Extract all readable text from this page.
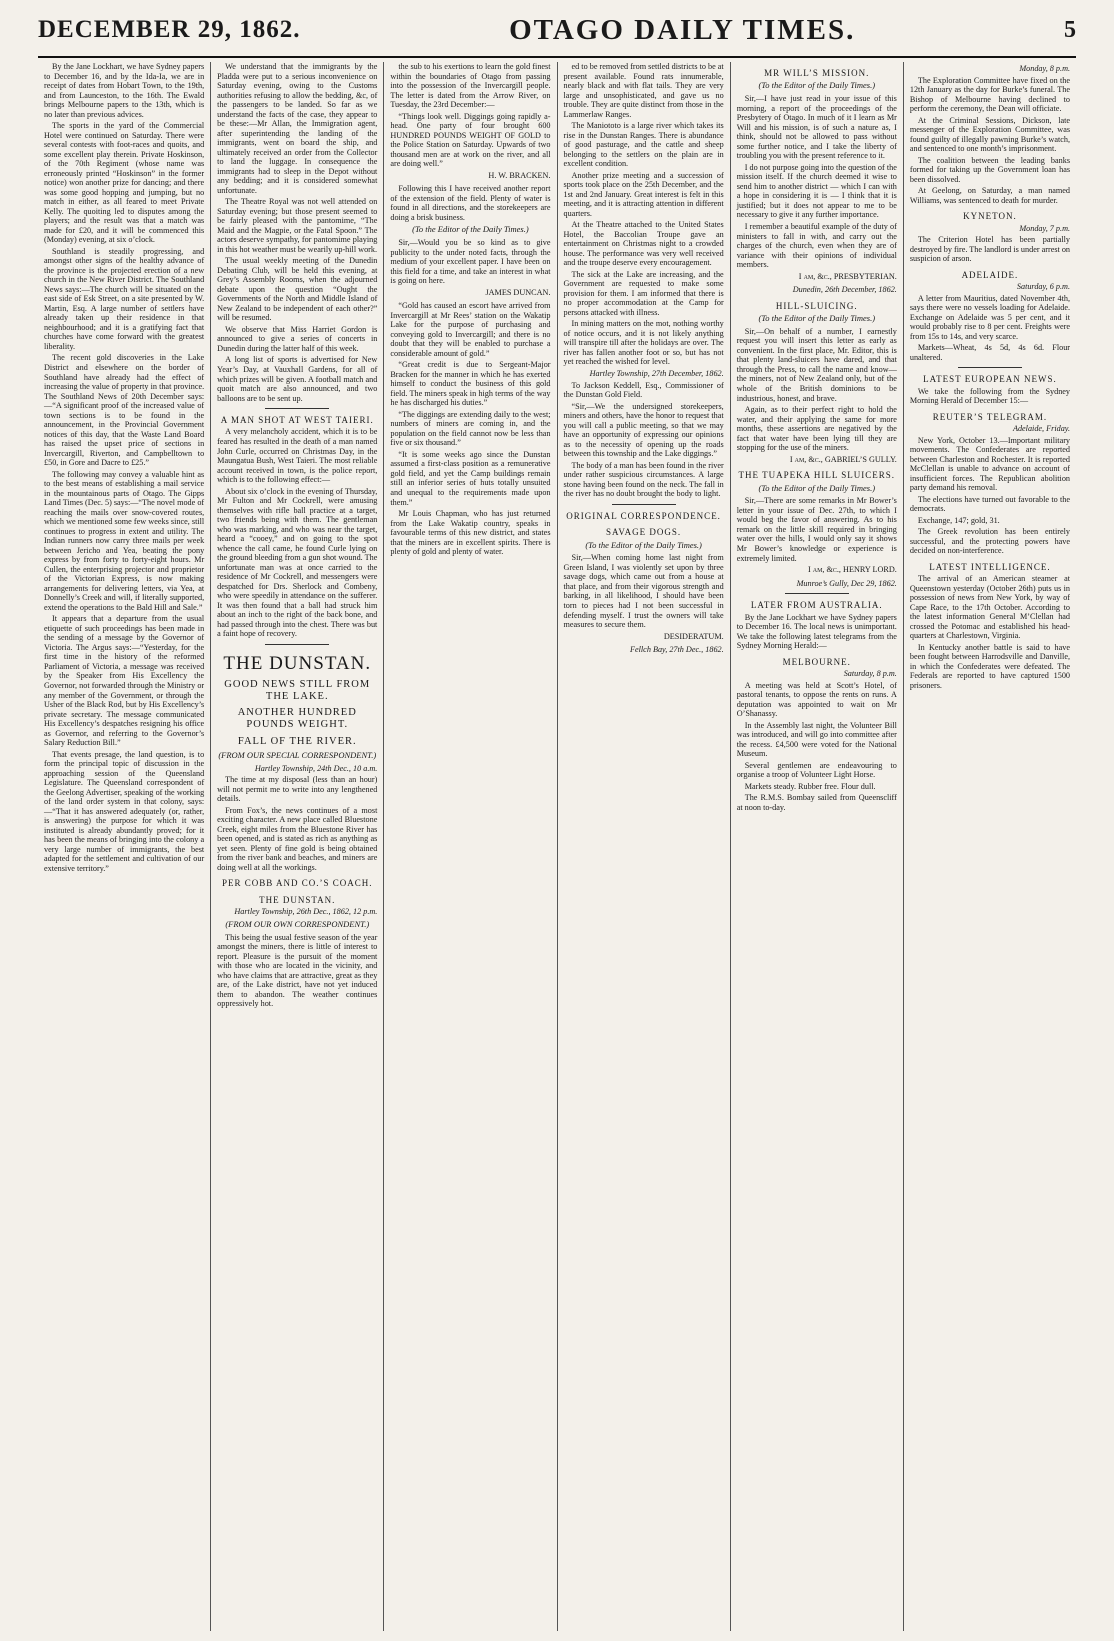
DECEMBER 29, 1862.	OTAGO DAILY TIMES.	5

By the Jane Lockhart, we have Sydney papers to December 16, and by the Ida-Ia, we are in receipt of dates from Hobart Town, to the 19th, and from Launceston, to the 16th. The Ewald brings Melbourne papers to the 13th, which is no later than previous advices.

The sports in the yard of the Commercial Hotel were continued on Saturday. There were several contests with foot-races and quoits, and some excellent play therein. Private Hoskinson, of the 70th Regiment (whose name was erroneously printed “Hoskinson” in the former notice) won another prize for dancing; and there was some good hopping and jumping, but no match in either, as all feared to meet Private Kelly. The quoiting led to disputes among the players; and the result was that a match was made for £20, and it will be commenced this (Monday) evening, at six o’clock.

Southland is steadily progressing, and amongst other signs of the healthy advance of the province is the projected erection of a new church in the New River District. The Southland News says:—The church will be situated on the east side of Esk Street, on a site presented by W. Martin, Esq. A large number of settlers have already taken up their residence in that neighbourhood; and it is a gratifying fact that churches have come forward with the greatest liberality.

The recent gold discoveries in the Lake District and elsewhere on the border of Southland have already had the effect of increasing the value of property in that province. The Southland News of 20th December says:—“A significant proof of the increased value of town sections is to be found in the announcement, in the Provincial Government notices of this day, that the Waste Land Board has raised the upset price of sections in Invercargill, Riverton, and Campbelltown to £50, in Gore and Dacre to £25.”

The following may convey a valuable hint as to the best means of establishing a mail service in the mountainous parts of Otago. The Gipps Land Times (Dec. 5) says:—“The novel mode of reaching the mails over snow-covered routes, which we mentioned some few weeks since, still continues to progress in extent and utility. The Indian runners now carry three mails per week between Jericho and Yea, beating the pony express by from forty to forty-eight hours. Mr Cullen, the enterprising projector and proprietor of the Victorian Express, is now making arrangements for delivering letters, via Yea, at Donnelly’s Creek and will, if literally supported, extend the operations to the Bald Hill and Sale.”

It appears that a departure from the usual etiquette of such proceedings has been made in the sending of a message by the Governor of Victoria. The Argus says:—“Yesterday, for the first time in the history of the reformed Parliament of Victoria, a message was received by the Speaker from His Excellency the Governor, not forwarded through the Ministry or any member of the Government, or through the Usher of the Black Rod, but by His Excellency’s private secretary. The message communicated His Excellency’s despatches resigning his office as Governor, and referring to the Governor’s Salary Reduction Bill.”

That events presage, the land question, is to form the principal topic of discussion in the approaching session of the Queensland Legislature. The Queensland correspondent of the Geelong Advertiser, speaking of the working of the land order system in that colony, says:—“That it has answered adequately (or, rather, is answering) the purpose for which it was instituted is already abundantly proved; for it has been the means of bringing into the colony a very large number of immigrants, the best adapted for the settlement and cultivation of our extensive territory.”

We understand that the immigrants by the Pladda were put to a serious inconvenience on Saturday evening, owing to the Customs authorities refusing to allow the bedding, &c, of the passengers to be landed. So far as we understand the facts of the case, they appear to be these:—Mr Allan, the Immigration agent, after superintending the landing of the immigrants, went on board the ship, and ultimately received an order from the Collector to land the luggage. In consequence the immigrants had to sleep in the Depot without any bedding; and it is considered somewhat unfortunate.

The Theatre Royal was not well attended on Saturday evening; but those present seemed to be fairly pleased with the pantomime, “The Maid and the Magpie, or the Fatal Spoon.” The actors deserve sympathy, for pantomime playing in this hot weather must be wearily up-hill work.

The usual weekly meeting of the Dunedin Debating Club, will be held this evening, at Grey’s Assembly Rooms, when the adjourned debate upon the question “Ought the Governments of the North and Middle Island of New Zealand to be independent of each other?” will be resumed.

We observe that Miss Harriet Gordon is announced to give a series of concerts in Dunedin during the latter half of this week.

A long list of sports is advertised for New Year’s Day, at Vauxhall Gardens, for all of which prizes will be given. A football match and quoit match are also announced, and two balloons are to be sent up.

A MAN SHOT AT WEST TAIERI.

A very melancholy accident, which it is to be feared has resulted in the death of a man named John Curle, occurred on Christmas Day, in the Maungatua Bush, West Taieri. The most reliable account received in town, is the police report, which is to the following effect:—

About six o’clock in the evening of Thursday, Mr Fulton and Mr Cockrell, were amusing themselves with rifle ball practice at a target, two friends being with them. The gentleman who was marking, and who was near the target, heard a “cooey,” and on going to the spot whence the call came, he found Curle lying on the ground bleeding from a gun shot wound. The unfortunate man was at once carried to the residence of Mr Cockrell, and messengers were despatched for Drs. Sherlock and Combeny, who were speedily in attendance on the sufferer. It was then found that a ball had struck him about an inch to the right of the back bone, and had passed through into the chest. There was but a faint hope of recovery.

THE DUNSTAN.
GOOD NEWS STILL FROM THE LAKE.
ANOTHER HUNDRED POUNDS WEIGHT.
FALL OF THE RIVER.
(FROM OUR SPECIAL CORRESPONDENT.)
Hartley Township, 24th Dec., 10 a.m.

The time at my disposal (less than an hour) will not permit me to write into any lengthened details.

From Fox’s, the news continues of a most exciting character. A new place called Bluestone Creek, eight miles from the Bluestone River has been opened, and is stated as rich as anything as yet seen. Plenty of fine gold is being obtained from the river bank and beaches, and miners are doing well at all the workings.

PER COBB AND CO.’S COACH.
THE DUNSTAN.
Hartley Township, 26th Dec., 1862, 12 p.m.
(FROM OUR OWN CORRESPONDENT.)

This being the usual festive season of the year amongst the miners, there is little of interest to report. Pleasure is the pursuit of the moment with those who are located in the vicinity, and who have claims that are attractive, great as they are, of the Lake district, have not yet induced them to abandon. The weather continues oppressively hot.

the sub to his exertions to learn the gold finest within the boundaries of Otago from passing into the possession of the Invercargill people. The letter is dated from the Arrow River, on Tuesday, the 23rd December:—

“Things look well. Diggings going rapidly a-head. One party of four brought 600 HUNDRED POUNDS WEIGHT OF GOLD to the Police Station on Saturday. Upwards of two thousand men are at work on the river, and all are doing well.”

H. W. BRACKEN.

Following this I have received another report of the extension of the field. Plenty of water is found in all directions, and the storekeepers are doing a brisk business.

(To the Editor of the Daily Times.)

Sir,—Would you be so kind as to give publicity to the under noted facts, through the medium of your excellent paper. I have been on this field for a time, and take an interest in what is going on here.

JAMES DUNCAN.

“Gold has caused an escort have arrived from Invercargill at Mr Rees’ station on the Wakatip Lake for the purpose of purchasing and conveying gold to Invercargill; and there is no doubt that they will be enabled to purchase a considerable amount of gold.”

“Great credit is due to Sergeant-Major Bracken for the manner in which he has exerted himself to conduct the business of this gold field. The miners speak in high terms of the way he has discharged his duties.”

“The diggings are extending daily to the west; numbers of miners are coming in, and the population on the field cannot now be less than five or six thousand.”

“It is some weeks ago since the Dunstan assumed a first-class position as a remunerative gold field, and yet the Camp buildings remain still an inferior series of huts totally unsuited and unequal to the requirements made upon them.”

Mr Louis Chapman, who has just returned from the Lake Wakatip country, speaks in favourable terms of this new district, and states that the miners are in excellent spirits. There is plenty of gold and plenty of water.

ed to be removed from settled districts to be at present available. Found rats innumerable, nearly black and with flat tails. They are very large and unsophisticated, and gave us no trouble. They are quite distinct from those in the Lammerlaw Ranges.

The Maniototo is a large river which takes its rise in the Dunstan Ranges. There is abundance of good pasturage, and the cattle and sheep belonging to the settlers on the plain are in excellent condition.

Another prize meeting and a succession of sports took place on the 25th December, and the 1st and 2nd January. Great interest is felt in this meeting, and it is attracting attention in different quarters.

At the Theatre attached to the United States Hotel, the Baccolian Troupe gave an entertainment on Christmas night to a crowded house. The performance was very well received and the troupe deserve every encouragement.

The sick at the Lake are increasing, and the Government are requested to make some provision for them. I am informed that there is no proper accommodation at the Camp for persons attacked with illness.

In mining matters on the mot, nothing worthy of notice occurs, and it is not likely anything will transpire till after the holidays are over. The river has fallen another foot or so, but has not yet reached the wished for level.

Hartley Township, 27th December, 1862.

To Jackson Keddell, Esq., Commissioner of the Dunstan Gold Field.

“Sir,—We the undersigned storekeepers, miners and others, have the honor to request that you will call a public meeting, so that we may have an opportunity of expressing our opinions as to the necessity of opening up the roads between this township and the Lake diggings.”

The body of a man has been found in the river under rather suspicious circumstances. A large stone having been found on the neck. The fall in the river has no doubt brought the body to light.

ORIGINAL CORRESPONDENCE.
SAVAGE DOGS.
(To the Editor of the Daily Times.)

Sir,—When coming home last night from Green Island, I was violently set upon by three savage dogs, which came out from a house at that place, and from their vigorous strength and barking, in all likelihood, I should have been torn to pieces had I not been successful in defending myself. I trust the owners will take measures to secure them.

DESIDERATUM.
Fellch Bay, 27th Dec., 1862.
MR WILL’S MISSION.
(To the Editor of the Daily Times.)

Sir,—I have just read in your issue of this morning, a report of the proceedings of the Presbytery of Otago. In much of it I learn as Mr Will and his mission, is of such a nature as, I think, should not be allowed to pass without some further notice, and I take the liberty of troubling you with the present reference to it.

I do not purpose going into the question of the mission itself. If the church deemed it wise to send him to another district — which I can with a hope in considering it is — I think that it is justified; but it does not appear to me to be necessary to give it any further importance.

I remember a beautiful example of the duty of ministers to fall in with, and carry out the charges of the church, even when they are of variance with their opinions of individual members.

I am, &c., PRESBYTERIAN.
Dunedin, 26th December, 1862.
HILL-SLUICING.
(To the Editor of the Daily Times.)

Sir,—On behalf of a number, I earnestly request you will insert this letter as early as convenient. In the first place, Mr. Editor, this is that plenty land-sluicers have dared, and that through the Press, to call the name and know—the miners, not of New Zealand only, but of the whole of the British dominions to be industrious, honest, and brave.

Again, as to their perfect right to hold the water, and their applying the same for more months, these assertions are negatived by the fact that water have been lying till they are stopping for the use of the miners.

I am, &c., GABRIEL’S GULLY.
THE TUAPEKA HILL SLUICERS.
(To the Editor of the Daily Times.)

Sir,—There are some remarks in Mr Bower’s letter in your issue of Dec. 27th, to which I would beg the favor of answering. As to his remark on the little skill required in bringing water over the hills, I would only say it shows Mr Bower’s knowledge or experience is extremely limited.

I am, &c., HENRY LORD.
Munroe’s Gully, Dec 29, 1862.
LATER FROM AUSTRALIA.

By the Jane Lockhart we have Sydney papers to December 16. The local news is unimportant. We take the following latest telegrams from the Sydney Morning Herald:—

MELBOURNE.
Saturday, 8 p.m.

A meeting was held at Scott’s Hotel, of pastoral tenants, to oppose the rents on runs. A deputation was appointed to wait on Mr O’Shanassy.

In the Assembly last night, the Volunteer Bill was introduced, and will go into committee after the recess. £4,500 were voted for the National Museum.

Several gentlemen are endeavouring to organise a troop of Volunteer Light Horse.

Markets steady. Rubber free. Flour dull.

The R.M.S. Bombay sailed from Queenscliff at noon to-day.

Monday, 8 p.m.

The Exploration Committee have fixed on the 12th January as the day for Burke’s funeral. The Bishop of Melbourne having declined to perform the ceremony, the Dean will officiate.

At the Criminal Sessions, Dickson, late messenger of the Exploration Committee, was found guilty of illegally pawning Burke’s watch, and sentenced to one month’s imprisonment.

The coalition between the leading banks formed for taking up the Government loan has been dissolved.

At Geelong, on Saturday, a man named Williams, was sentenced to death for murder.

KYNETON.
Monday, 7 p.m.

The Criterion Hotel has been partially destroyed by fire. The landlord is under arrest on suspicion of arson.

ADELAIDE.
Saturday, 6 p.m.

A letter from Mauritius, dated November 4th, says there were no vessels loading for Adelaide. Exchange on Adelaide was 5 per cent, and it would probably rise to 8 per cent. Freights were from 15s to 14s, and very scarce.

Markets—Wheat, 4s 5d, 4s 6d. Flour unaltered.

LATEST EUROPEAN NEWS.

We take the following from the Sydney Morning Herald of December 15:—

REUTER’S TELEGRAM.
Adelaide, Friday.

New York, October 13.—Important military movements. The Confederates are reported between Charleston and Rochester. It is reported McClellan is unable to advance on account of insufficient forces. The Republican abolition party demand his removal.

The elections have turned out favorable to the democrats.

Exchange, 147; gold, 31.

The Greek revolution has been entirely successful, and the protecting powers have decided on non-interference.

LATEST INTELLIGENCE.

The arrival of an American steamer at Queenstown yesterday (October 26th) puts us in possession of news from New York, by way of Cape Race, to the 17th October. According to the latest information General M’Clellan had crossed the Potomac and established his head-quarters at Charlestown, Virginia.

In Kentucky another battle is said to have been fought between Harrodsville and Danville, in which the Confederates were defeated. The Federals are reported to have captured 1500 prisoners.
